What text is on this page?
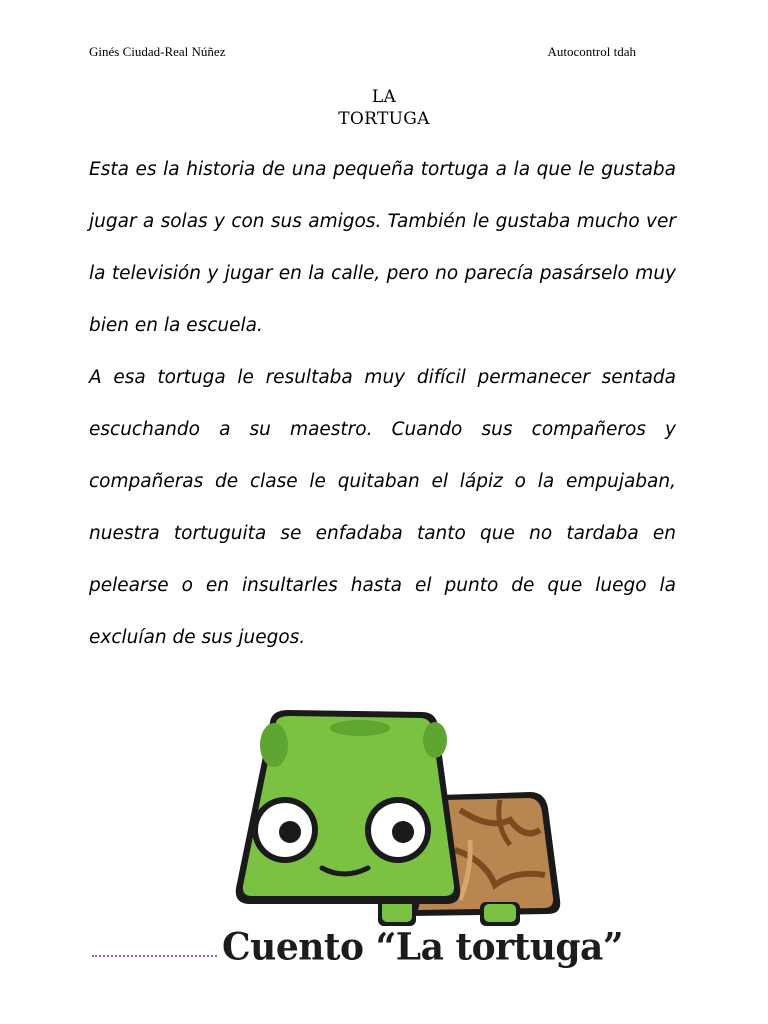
Ginés Ciudad-Real Núñez	Autocontrol tdah
LA
TORTUGA

Esta es la historia de una pequeña tortuga a la que le gustaba jugar a solas y con sus amigos. También le gustaba mucho ver la televisión y jugar en la calle, pero no parecía pasárselo muy bien en la escuela.

A esa tortuga le resultaba muy difícil permanecer sentada escuchando a su maestro. Cuando sus compañeros y compañeras de clase le quitaban el lápiz o la empujaban, nuestra tortuguita se enfadaba tanto que no tardaba en pelearse o en insultarles hasta el punto de que luego la excluían de sus juegos.

Cuento “La tortuga”
